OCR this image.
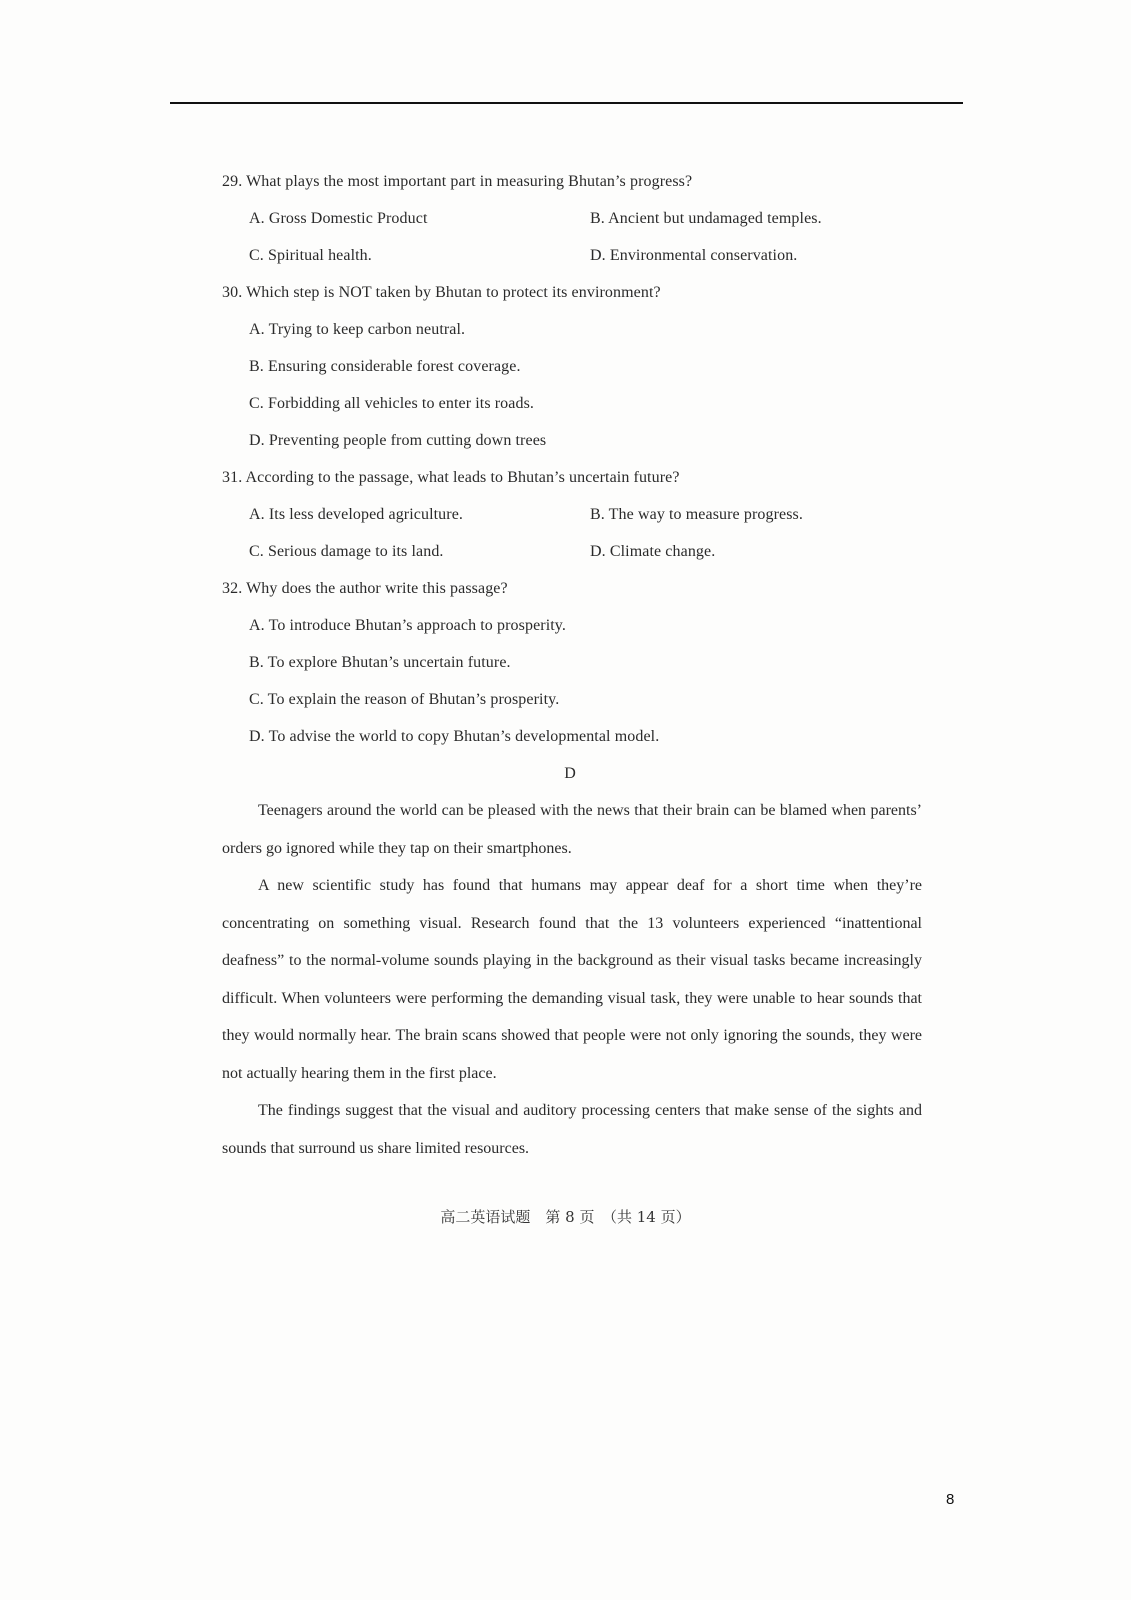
29. What plays the most important part in measuring Bhutan’s progress?
A. Gross Domestic Product	B. Ancient but undamaged temples.
C. Spiritual health.	D. Environmental conservation.
30. Which step is NOT taken by Bhutan to protect its environment?
A. Trying to keep carbon neutral.
B. Ensuring considerable forest coverage.
C. Forbidding all vehicles to enter its roads.
D. Preventing people from cutting down trees
31. According to the passage, what leads to Bhutan’s uncertain future?
A. Its less developed agriculture.	B. The way to measure progress.
C. Serious damage to its land.	D. Climate change.
32. Why does the author write this passage?
A. To introduce Bhutan’s approach to prosperity.
B. To explore Bhutan’s uncertain future.
C. To explain the reason of Bhutan’s prosperity.
D. To advise the world to copy Bhutan’s developmental model.
D
Teenagers around the world can be pleased with the news that their brain can be blamed when parents’ orders go ignored while they tap on their smartphones.
A new scientific study has found that humans may appear deaf for a short time when they’re concentrating on something visual. Research found that the 13 volunteers experienced “inattentional deafness” to the normal-volume sounds playing in the background as their visual tasks became increasingly difficult. When volunteers were performing the demanding visual task, they were unable to hear sounds that they would normally hear. The brain scans showed that people were not only ignoring the sounds, they were not actually hearing them in the first place.
The findings suggest that the visual and auditory processing centers that make sense of the sights and sounds that surround us share limited resources.
高二英语试题　第 8 页　（共 14 页）
8
